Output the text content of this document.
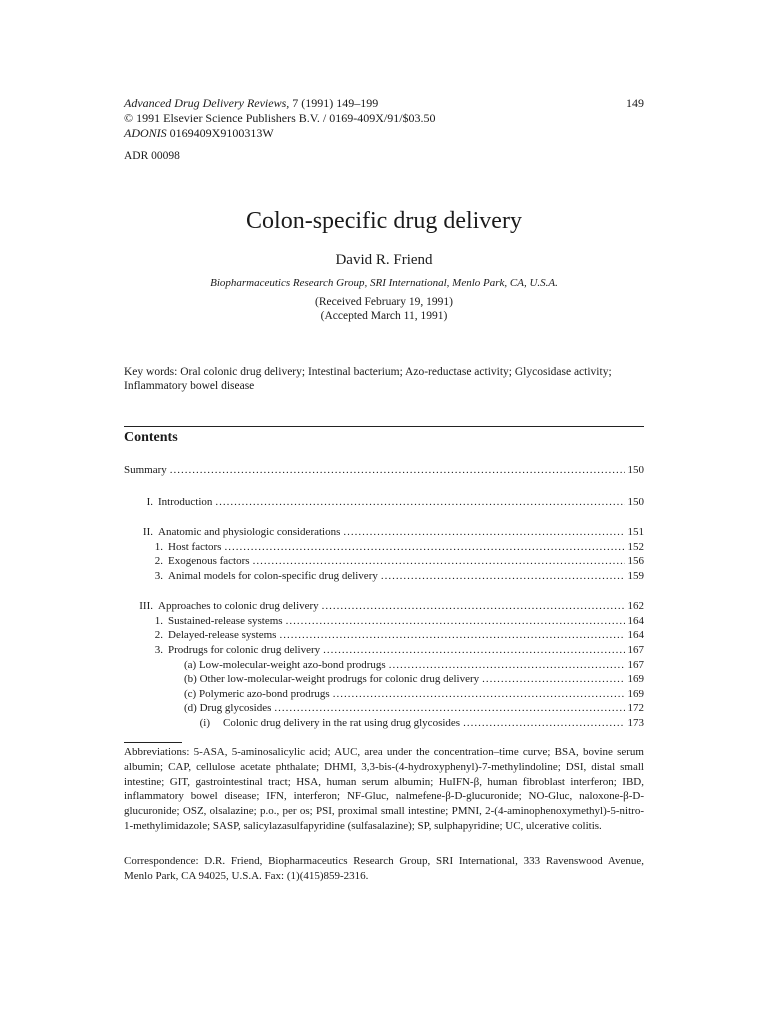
Advanced Drug Delivery Reviews, 7 (1991) 149–199
© 1991 Elsevier Science Publishers B.V. / 0169-409X/91/$03.50
ADONIS 0169409X9100313W
149
ADR 00098
Colon-specific drug delivery
David R. Friend
Biopharmaceutics Research Group, SRI International, Menlo Park, CA, U.S.A.
(Received February 19, 1991)
(Accepted March 11, 1991)
Key words: Oral colonic drug delivery; Intestinal bacterium; Azo-reductase activity; Glycosidase activity; Inflammatory bowel disease
Contents
Summary .....	150
I. Introduction .....	150
II. Anatomic and physiologic considerations .....	151
1. Host factors .....	152
2. Exogenous factors .....	156
3. Animal models for colon-specific drug delivery .....	159
III. Approaches to colonic drug delivery .....	162
1. Sustained-release systems .....	164
2. Delayed-release systems .....	164
3. Prodrugs for colonic drug delivery .....	167
(a) Low-molecular-weight azo-bond prodrugs .....	167
(b) Other low-molecular-weight prodrugs for colonic drug delivery .....	169
(c) Polymeric azo-bond prodrugs .....	169
(d) Drug glycosides .....	172
(i) Colonic drug delivery in the rat using drug glycosides .....	173
Abbreviations: 5-ASA, 5-aminosalicylic acid; AUC, area under the concentration–time curve; BSA, bovine serum albumin; CAP, cellulose acetate phthalate; DHMI, 3,3-bis-(4-hydroxyphenyl)-7-methylindoline; DSI, distal small intestine; GIT, gastrointestinal tract; HSA, human serum albumin; HuIFN-β, human fibroblast interferon; IBD, inflammatory bowel disease; IFN, interferon; NF-Gluc, nalmefene-β-D-glucuronide; NO-Gluc, naloxone-β-D-glucuronide; OSZ, olsalazine; p.o., per os; PSI, proximal small intestine; PMNI, 2-(4-aminophenoxymethyl)-5-nitro-1-methylimidazole; SASP, salicylazasulfapyridine (sulfasalazine); SP, sulphapyridine; UC, ulcerative colitis.
Correspondence: D.R. Friend, Biopharmaceutics Research Group, SRI International, 333 Ravenswood Avenue, Menlo Park, CA 94025, U.S.A. Fax: (1)(415)859-2316.
